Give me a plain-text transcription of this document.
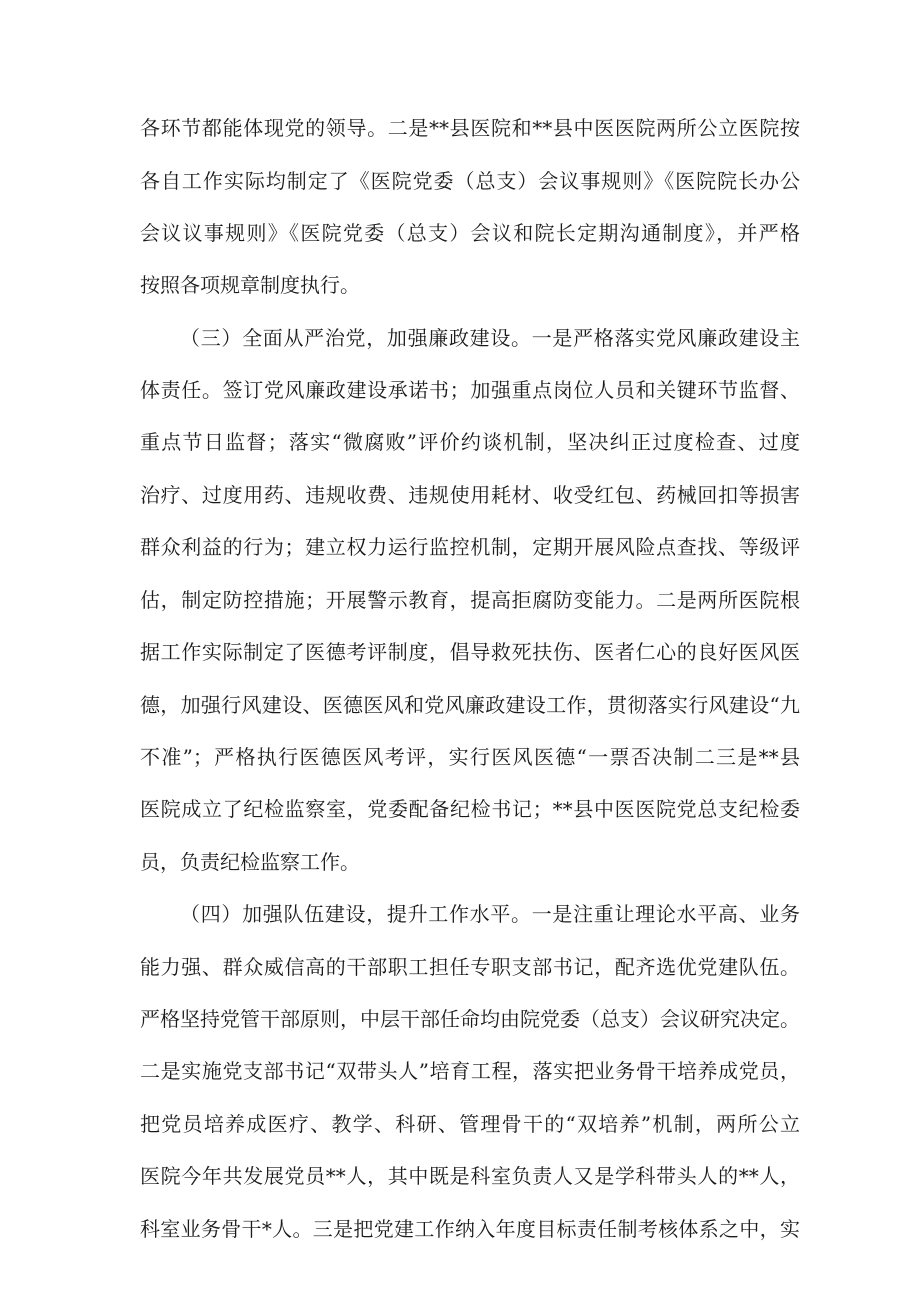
各环节都能体现党的领导。二是**县医院和**县中医医院两所公立医院按
各自工作实际均制定了《医院党委（总支）会议事规则》《医院院长办公
会议议事规则》《医院党委（总支）会议和院长定期沟通制度》，并严格
按照各项规章制度执行。
（三）全面从严治党，加强廉政建设。一是严格落实党风廉政建设主
体责任。签订党风廉政建设承诺书；加强重点岗位人员和关键环节监督、
重点节日监督；落实“微腐败”评价约谈机制，坚决纠正过度检查、过度
治疗、过度用药、违规收费、违规使用耗材、收受红包、药械回扣等损害
群众利益的行为；建立权力运行监控机制，定期开展风险点查找、等级评
估，制定防控措施；开展警示教育，提高拒腐防变能力。二是两所医院根
据工作实际制定了医德考评制度，倡导救死扶伤、医者仁心的良好医风医
德，加强行风建设、医德医风和党风廉政建设工作，贯彻落实行风建设“九
不准”；严格执行医德医风考评，实行医风医德“一票否决制二三是**县
医院成立了纪检监察室，党委配备纪检书记；**县中医医院党总支纪检委
员，负责纪检监察工作。
（四）加强队伍建设，提升工作水平。一是注重让理论水平高、业务
能力强、群众威信高的干部职工担任专职支部书记，配齐选优党建队伍。
严格坚持党管干部原则，中层干部任命均由院党委（总支）会议研究决定。
二是实施党支部书记“双带头人”培育工程，落实把业务骨干培养成党员，
把党员培养成医疗、教学、科研、管理骨干的“双培养”机制，两所公立
医院今年共发展党员**人，其中既是科室负责人又是学科带头人的**人，
科室业务骨干*人。三是把党建工作纳入年度目标责任制考核体系之中，实
